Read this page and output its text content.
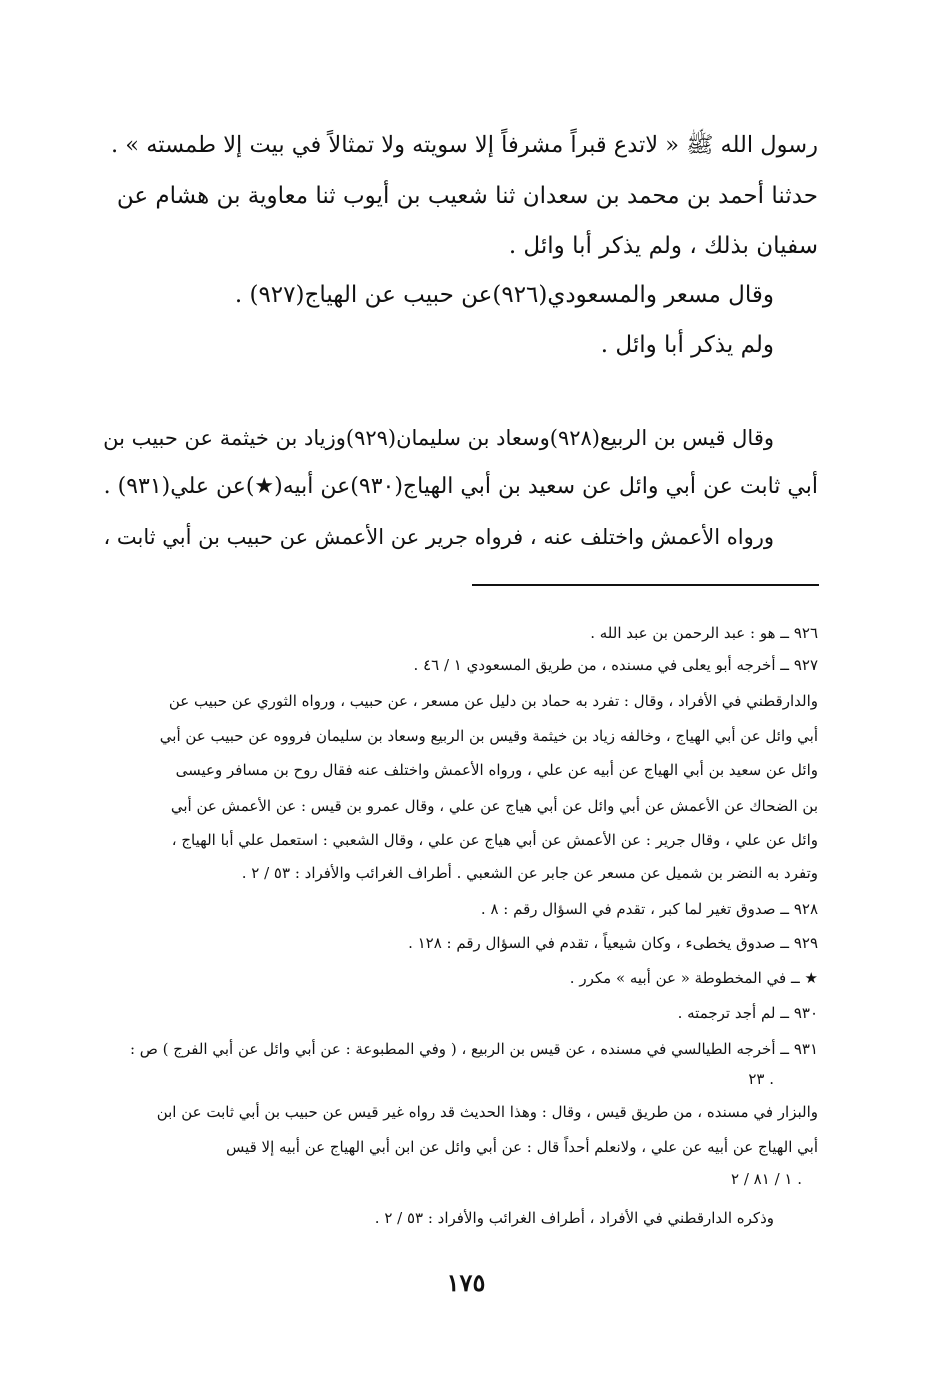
رسول الله ﷺ « لاتدع قبراً مشرفاً إلا سويته ولا تمثالاً في بيت إلا طمسته » .
حدثنا أحمد بن محمد بن سعدان ثنا شعيب بن أيوب ثنا معاوية بن هشام عن
سفيان بذلك ، ولم يذكر أبا وائل .
وقال مسعر والمسعودي(٩٢٦)عن حبيب عن الهياج(٩٢٧) .
ولم يذكر أبا وائل .
وقال قيس بن الربيع(٩٢٨)وسعاد بن سليمان(٩٢٩)وزياد بن خيثمة عن حبيب بن
أبي ثابت عن أبي وائل عن سعيد بن أبي الهياج(٩٣٠)عن أبيه(★)عن علي(٩٣١) .
ورواه الأعمش واختلف عنه ، فرواه جرير عن الأعمش عن حبيب بن أبي ثابت ،
٩٢٦ ــ هو : عبد الرحمن بن عبد الله .
٩٢٧ ــ أخرجه أبو يعلى في مسنده ، من طريق المسعودي ١ / ٤٦ .
والدارقطني في الأفراد ، وقال : تفرد به حماد بن دليل عن مسعر ، عن حبيب ، ورواه الثوري عن حبيب عن
أبي وائل عن أبي الهياج ، وخالفه زياد بن خيثمة وقيس بن الربيع وسعاد بن سليمان فرووه عن حبيب عن أبي
وائل عن سعيد بن أبي الهياج عن أبيه عن علي ، ورواه الأعمش واختلف عنه فقال روح بن مسافر وعيسى
بن الضحاك عن الأعمش عن أبي وائل عن أبي هياج عن علي ، وقال عمرو بن قيس : عن الأعمش عن أبي
وائل عن علي ، وقال جرير : عن الأعمش عن أبي هياج عن علي ، وقال الشعبي : استعمل علي أبا الهياج ،
وتفرد به النضر بن شميل عن مسعر عن جابر عن الشعبي . أطراف الغرائب والأفراد : ٥٣ / ٢ .
٩٢٨ ــ صدوق تغير لما كبر ، تقدم في السؤال رقم : ٨ .
٩٢٩ ــ صدوق يخطىء ، وكان شيعياً ، تقدم في السؤال رقم : ١٢٨ .
★ ــ في المخطوطة « عن أبيه » مكرر .
٩٣٠ ــ لم أجد ترجمته .
٩٣١ ــ أخرجه الطيالسي في مسنده ، عن قيس بن الربيع ، ( وفي المطبوعة : عن أبي وائل عن أبي الفرج ) ص :
٢٣ .
والبزار في مسنده ، من طريق قيس ، وقال : وهذا الحديث قد رواه غير قيس عن حبيب بن أبي ثابت عن ابن
أبي الهياج عن أبيه عن علي ، ولانعلم أحداً قال : عن أبي وائل عن ابن أبي الهياج عن أبيه إلا قيس
١ / ٨١ / ٢ .
وذكره الدارقطني في الأفراد ، أطراف الغرائب والأفراد : ٥٣ / ٢ .
١٧٥
